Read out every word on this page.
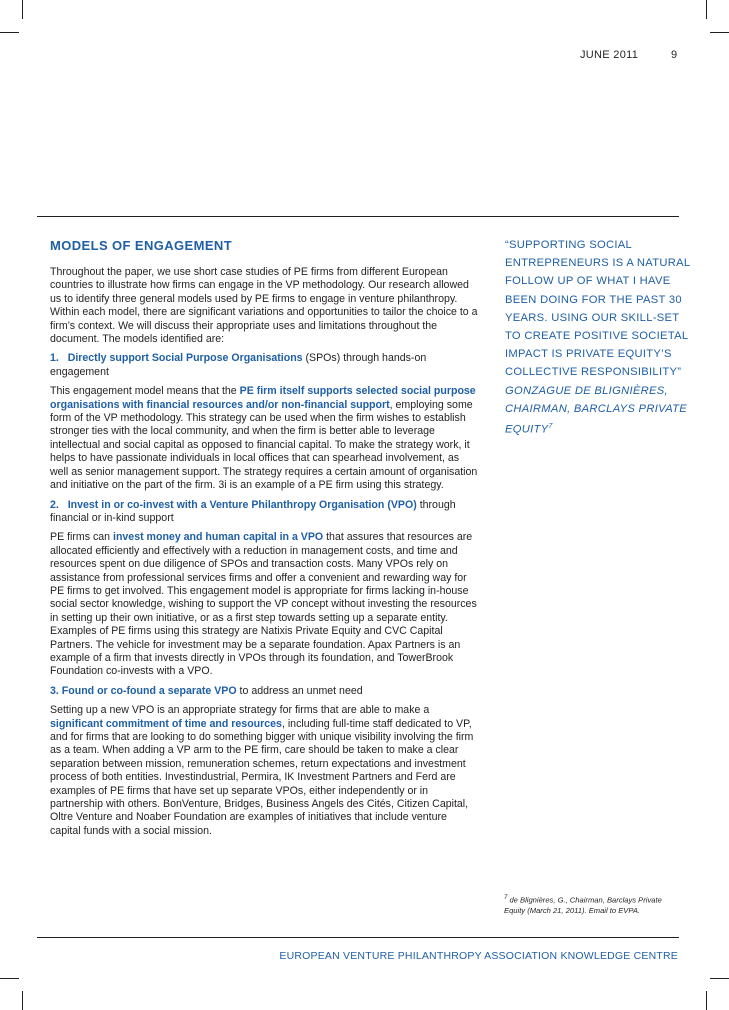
JUNE 2011	9
MODELS OF ENGAGEMENT

Throughout the paper, we use short case studies of PE firms from different European countries to illustrate how firms can engage in the VP methodology. Our research allowed us to identify three general models used by PE firms to engage in venture philanthropy. Within each model, there are significant variations and opportunities to tailor the choice to a firm’s context. We will discuss their appropriate uses and limitations throughout the document. The models identified are:

1. Directly support Social Purpose Organisations (SPOs) through hands-on engagement

This engagement model means that the PE firm itself supports selected social purpose organisations with financial resources and/or non-financial support, employing some form of the VP methodology. This strategy can be used when the firm wishes to establish stronger ties with the local community, and when the firm is better able to leverage intellectual and social capital as opposed to financial capital. To make the strategy work, it helps to have passionate individuals in local offices that can spearhead involvement, as well as senior management support. The strategy requires a certain amount of organisation and initiative on the part of the firm. 3i is an example of a PE firm using this strategy.

2. Invest in or co-invest with a Venture Philanthropy Organisation (VPO) through financial or in-kind support

PE firms can invest money and human capital in a VPO that assures that resources are allocated efficiently and effectively with a reduction in management costs, and time and resources spent on due diligence of SPOs and transaction costs. Many VPOs rely on assistance from professional services firms and offer a convenient and rewarding way for PE firms to get involved. This engagement model is appropriate for firms lacking in-house social sector knowledge, wishing to support the VP concept without investing the resources in setting up their own initiative, or as a first step towards setting up a separate entity. Examples of PE firms using this strategy are Natixis Private Equity and CVC Capital Partners. The vehicle for investment may be a separate foundation. Apax Partners is an example of a firm that invests directly in VPOs through its foundation, and TowerBrook Foundation co-invests with a VPO.

3. Found or co-found a separate VPO to address an unmet need

Setting up a new VPO is an appropriate strategy for firms that are able to make a significant commitment of time and resources, including full-time staff dedicated to VP, and for firms that are looking to do something bigger with unique visibility involving the firm as a team. When adding a VP arm to the PE firm, care should be taken to make a clear separation between mission, remuneration schemes, return expectations and investment process of both entities. Investindustrial, Permira, IK Investment Partners and Ferd are examples of PE firms that have set up separate VPOs, either independently or in partnership with others. BonVenture, Bridges, Business Angels des Cités, Citizen Capital, Oltre Venture and Noaber Foundation are examples of initiatives that include venture capital funds with a social mission.

“SUPPORTING SOCIAL ENTREPRENEURS IS A NATURAL FOLLOW UP OF WHAT I HAVE BEEN DOING FOR THE PAST 30 YEARS. USING OUR SKILL-SET TO CREATE POSITIVE SOCIETAL IMPACT IS PRIVATE EQUITY’S COLLECTIVE RESPONSIBILITY”
GONZAGUE DE BLIGNIÈRES, CHAIRMAN, BARCLAYS PRIVATE EQUITY$^7$
$^7$ de Blignières, G., Chairman, Barclays Private Equity (March 21, 2011). Email to EVPA.
EUROPEAN VENTURE PHILANTHROPY ASSOCIATION KNOWLEDGE CENTRE
